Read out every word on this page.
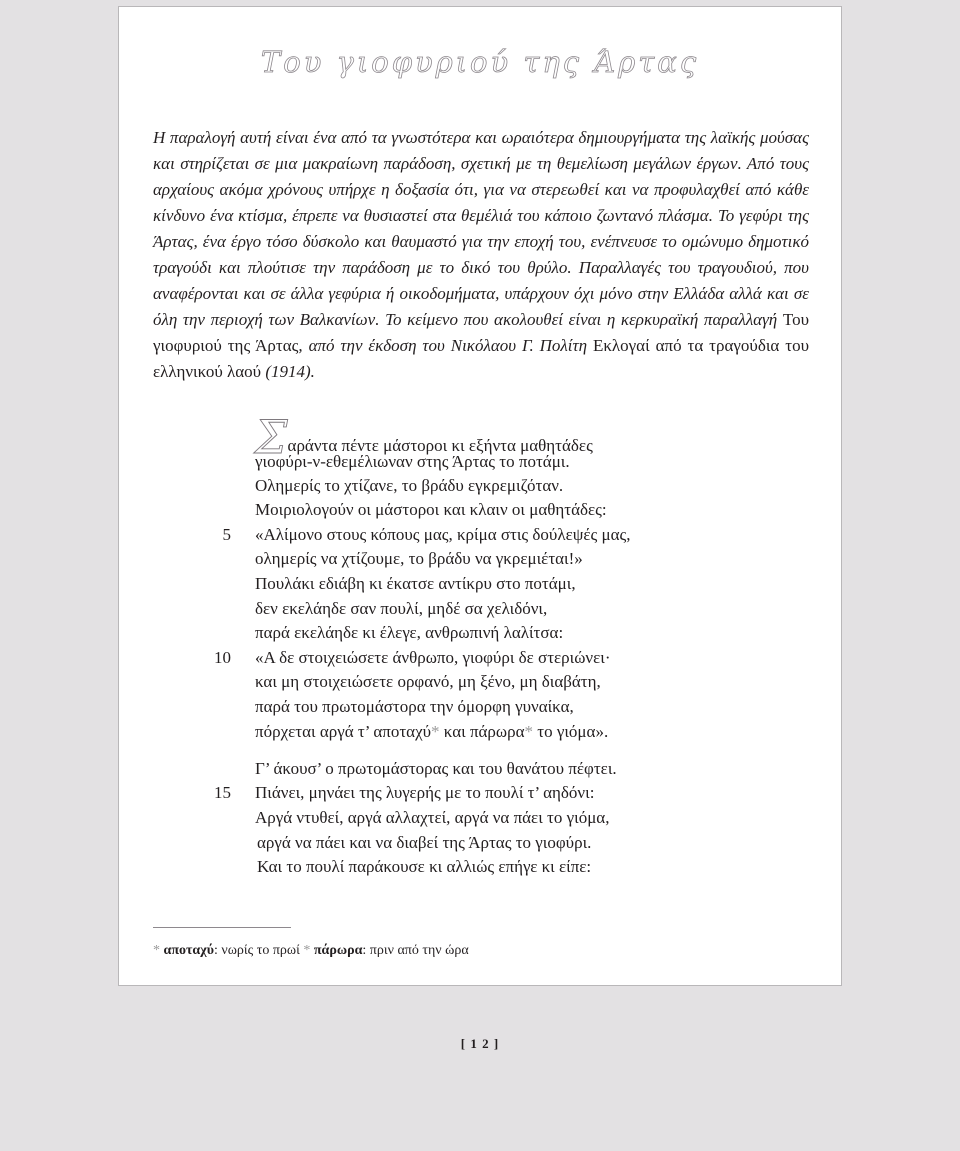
Του γιοφυριού της Άρτας

Η παραλογή αυτή είναι ένα από τα γνωστότερα και ωραιότερα δημιουργήματα της λαϊκής μούσας και στηρίζεται σε μια μακραίωνη παράδοση, σχετική με τη θεμελίωση μεγάλων έργων. Από τους αρχαίους ακόμα χρόνους υπήρχε η δοξασία ότι, για να στερεωθεί και να προφυλαχθεί από κάθε κίνδυνο ένα κτίσμα, έπρεπε να θυσιαστεί στα θεμέλιά του κάποιο ζωντανό πλάσμα. Το γεφύρι της Άρτας, ένα έργο τόσο δύσκολο και θαυμαστό για την εποχή του, ενέπνευσε το ομώνυμο δημοτικό τραγούδι και πλούτισε την παράδοση με το δικό του θρύλο. Παραλλαγές του τραγουδιού, που αναφέρονται και σε άλλα γεφύρια ή οικοδομήματα, υπάρχουν όχι μόνο στην Ελλάδα αλλά και σε όλη την περιοχή των Βαλκανίων. Το κείμενο που ακολουθεί είναι η κερκυραϊκή παραλλαγή Του γιοφυριού της Άρτας, από την έκδοση του Νικόλαου Γ. Πολίτη Εκλογαί από τα τραγούδια του ελληνικού λαού (1914).

Σαράντα πέντε μάστοροι κι εξήντα μαθητάδες
γιοφύρι-ν-εθεμέλιωναν στης Άρτας το ποτάμι.
Ολημερίς το χτίζανε, το βράδυ εγκρεμιζόταν.
Μοιριολογούν οι μάστοροι και κλαιν οι μαθητάδες:
«Αλίμονο στους κόπους μας, κρίμα στις δούλεψές μας,
ολημερίς να χτίζουμε, το βράδυ να γκρεμιέται!»
Πουλάκι εδιάβη κι έκατσε αντίκρυ στο ποτάμι,
δεν εκελάηδε σαν πουλί, μηδέ σα χελιδόνι,
παρά εκελάηδε κι έλεγε, ανθρωπινή λαλίτσα:
«Α δε στοιχειώσετε άνθρωπο, γιοφύρι δε στεριώνει·
και μη στοιχειώσετε ορφανό, μη ξένο, μη διαβάτη,
παρά του πρωτομάστορα την όμορφη γυναίκα,
πόρχεται αργά τ’ αποταχύ* και πάρωρα* το γιόμα».
Γ’ άκουσ’ ο πρωτομάστορας και του θανάτου πέφτει.
Πιάνει, μηνάει της λυγερής με το πουλί τ’ αηδόνι:
Αργά ντυθεί, αργά αλλαχτεί, αργά να πάει το γιόμα,
αργά να πάει και να διαβεί της Άρτας το γιοφύρι.
Και το πουλί παράκουσε κι αλλιώς επήγε κι είπε:
5
10
15
* αποταχύ: νωρίς το πρωί * πάρωρα: πριν από την ώρα
[ 1 2 ]
